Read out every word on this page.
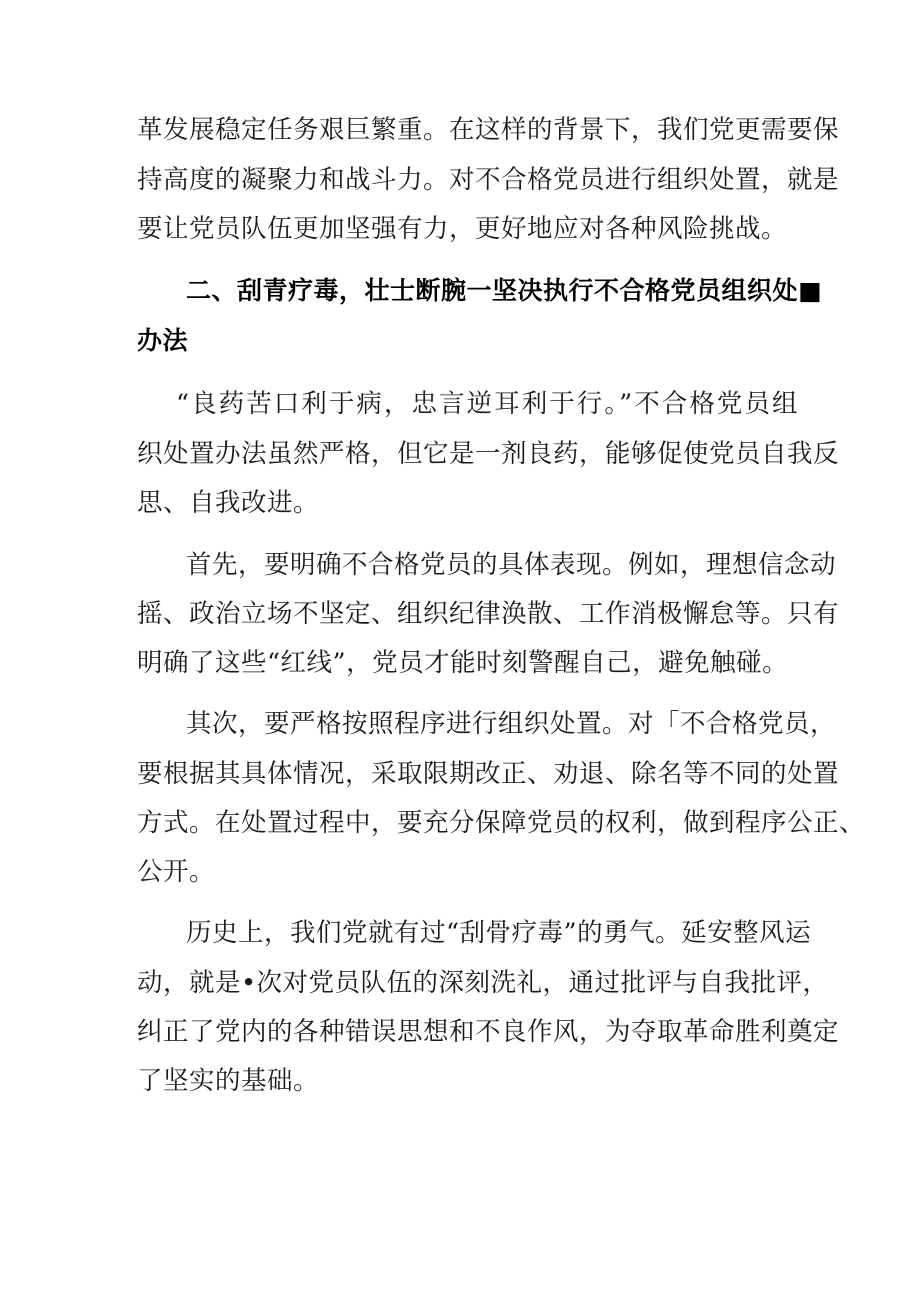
革发展稳定任务艰巨繁重。在这样的背景下，我们党更需要保
持高度的凝聚力和战斗力。对不合格党员进行组织处置，就是
要让党员队伍更加坚强有力，更好地应对各种风险挑战。
二、刮青疗毒，壮士断腕一坚决执行不合格党员组织处■
办法
“良药苦口利于病，忠言逆耳利于行。”不合格党员组
织处置办法虽然严格，但它是一剂良药，能够促使党员自我反
思、自我改进。
首先，要明确不合格党员的具体表现。例如，理想信念动
摇、政治立场不坚定、组织纪律涣散、工作消极懈怠等。只有
明确了这些“红线”，党员才能时刻警醒自己，避免触碰。
其次，要严格按照程序进行组织处置。对「不合格党员，
要根据其具体情况，采取限期改正、劝退、除名等不同的处置
方式。在处置过程中，要充分保障党员的权利，做到程序公正、
公开。
历史上，我们党就有过“刮骨疗毒”的勇气。延安整风运
动，就是•次对党员队伍的深刻洗礼，通过批评与自我批评，
纠正了党内的各种错误思想和不良作风，为夺取革命胜利奠定
了坚实的基础。
